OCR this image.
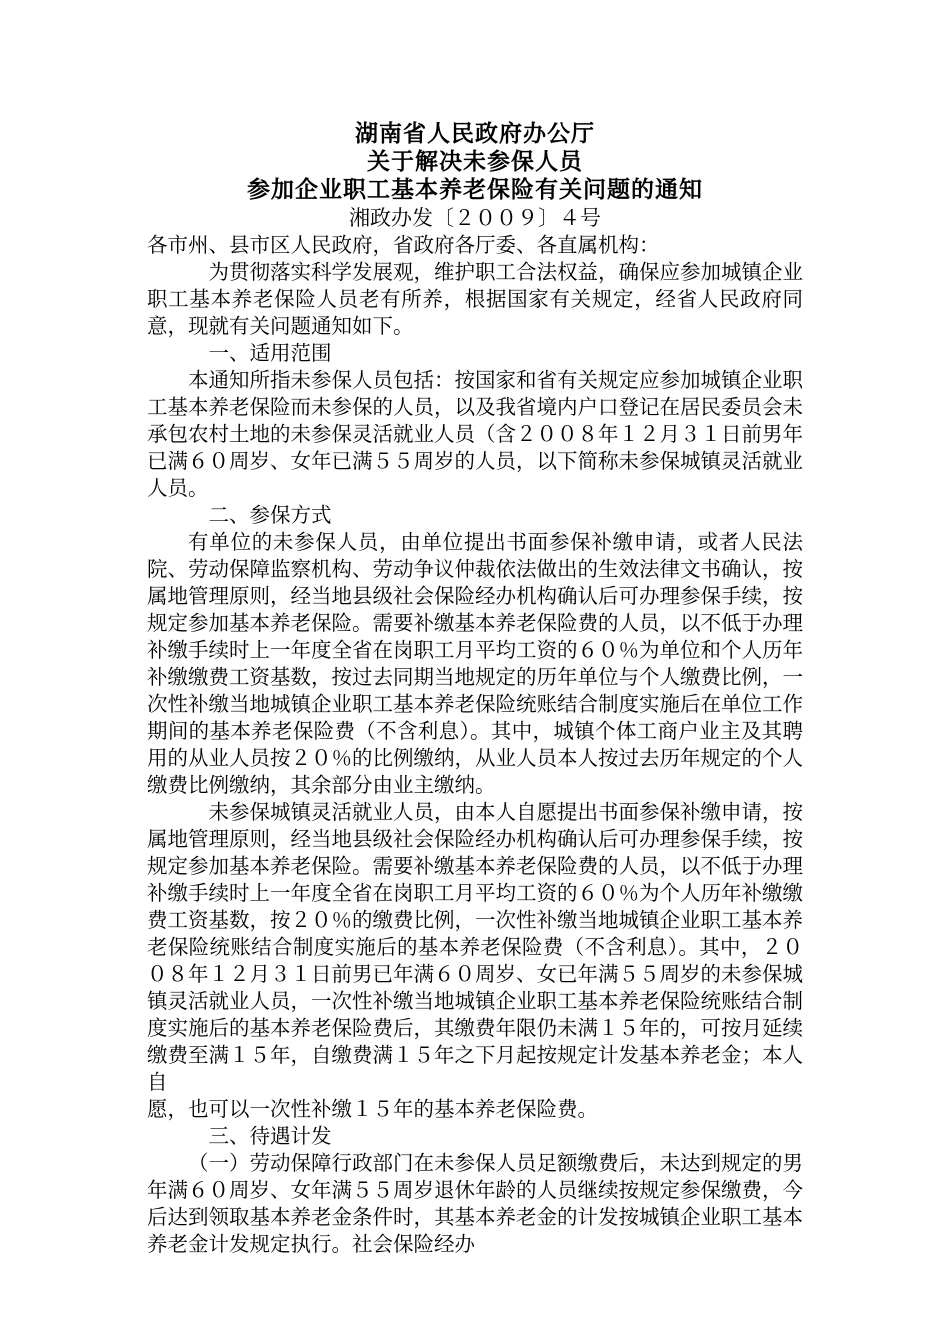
湖南省人民政府办公厅

关于解决未参保人员

参加企业职工基本养老保险有关问题的通知

湘政办发〔２００９〕４号

各市州、县市区人民政府，省政府各厅委、各直属机构：

为贯彻落实科学发展观，维护职工合法权益，确保应参加城镇企业职工基本养老保险人员老有所养，根据国家有关规定，经省人民政府同意，现就有关问题通知如下。

一、适用范围

本通知所指未参保人员包括：按国家和省有关规定应参加城镇企业职工基本养老保险而未参保的人员，以及我省境内户口登记在居民委员会未承包农村土地的未参保灵活就业人员（含２００８年１２月３１日前男年已满６０周岁、女年已满５５周岁的人员，以下简称未参保城镇灵活就业人员。

二、参保方式

有单位的未参保人员，由单位提出书面参保补缴申请，或者人民法院、劳动保障监察机构、劳动争议仲裁依法做出的生效法律文书确认，按属地管理原则，经当地县级社会保险经办机构确认后可办理参保手续，按规定参加基本养老保险。需要补缴基本养老保险费的人员，以不低于办理补缴手续时上一年度全省在岗职工月平均工资的６０％为单位和个人历年补缴缴费工资基数，按过去同期当地规定的历年单位与个人缴费比例，一次性补缴当地城镇企业职工基本养老保险统账结合制度实施后在单位工作期间的基本养老保险费（不含利息）。其中，城镇个体工商户业主及其聘用的从业人员按２０％的比例缴纳，从业人员本人按过去历年规定的个人缴费比例缴纳，其余部分由业主缴纳。

未参保城镇灵活就业人员，由本人自愿提出书面参保补缴申请，按属地管理原则，经当地县级社会保险经办机构确认后可办理参保手续，按规定参加基本养老保险。需要补缴基本养老保险费的人员，以不低于办理补缴手续时上一年度全省在岗职工月平均工资的６０％为个人历年补缴缴费工资基数，按２０％的缴费比例，一次性补缴当地城镇企业职工基本养老保险统账结合制度实施后的基本养老保险费（不含利息）。其中，２００８年１２月３１日前男已年满６０周岁、女已年满５５周岁的未参保城镇灵活就业人员，一次性补缴当地城镇企业职工基本养老保险统账结合制度实施后的基本养老保险费后，其缴费年限仍未满１５年的，可按月延续缴费至满１５年，自缴费满１５年之下月起按规定计发基本养老金；本人自

愿，也可以一次性补缴１５年的基本养老保险费。

三、待遇计发

（一）劳动保障行政部门在未参保人员足额缴费后，未达到规定的男年满６０周岁、女年满５５周岁退休年龄的人员继续按规定参保缴费，今后达到领取基本养老金条件时，其基本养老金的计发按城镇企业职工基本养老金计发规定执行。社会保险经办
